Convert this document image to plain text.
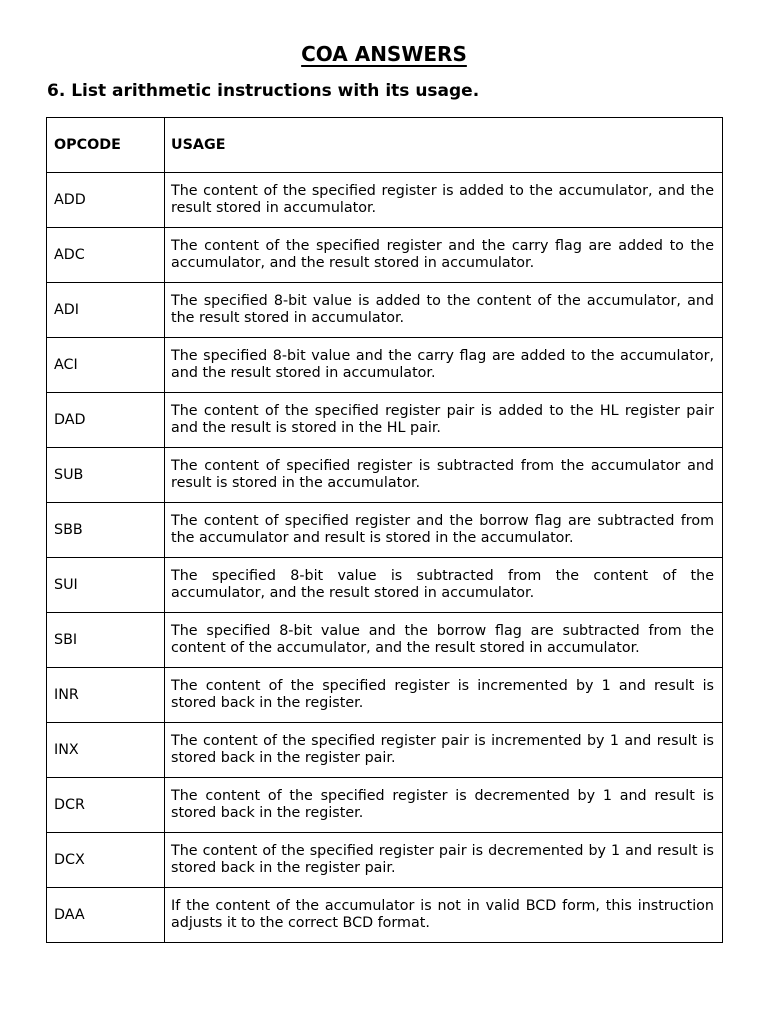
COA ANSWERS
6. List arithmetic instructions with its usage.
OPCODE	USAGE
ADD	The content of the specified register is added to the accumulator, and the result stored in accumulator.
ADC	The content of the specified register and the carry flag are added to the accumulator, and the result stored in accumulator.
ADI	The specified 8-bit value is added to the content of the accumulator, and the result stored in accumulator.
ACI	The specified 8-bit value and the carry flag are added to the accumulator, and the result stored in accumulator.
DAD	The content of the specified register pair is added to the HL register pair and the result is stored in the HL pair.
SUB	The content of specified register is subtracted from the accumulator and result is stored in the accumulator.
SBB	The content of specified register and the borrow flag are subtracted from the accumulator and result is stored in the accumulator.
SUI	The specified 8-bit value is subtracted from the content of the accumulator, and the result stored in accumulator.
SBI	The specified 8-bit value and the borrow flag are subtracted from the content of the accumulator, and the result stored in accumulator.
INR	The content of the specified register is incremented by 1 and result is stored back in the register.
INX	The content of the specified register pair is incremented by 1 and result is stored back in the register pair.
DCR	The content of the specified register is decremented by 1 and result is stored back in the register.
DCX	The content of the specified register pair is decremented by 1 and result is stored back in the register pair.
DAA	If the content of the accumulator is not in valid BCD form, this instruction adjusts it to the correct BCD format.
